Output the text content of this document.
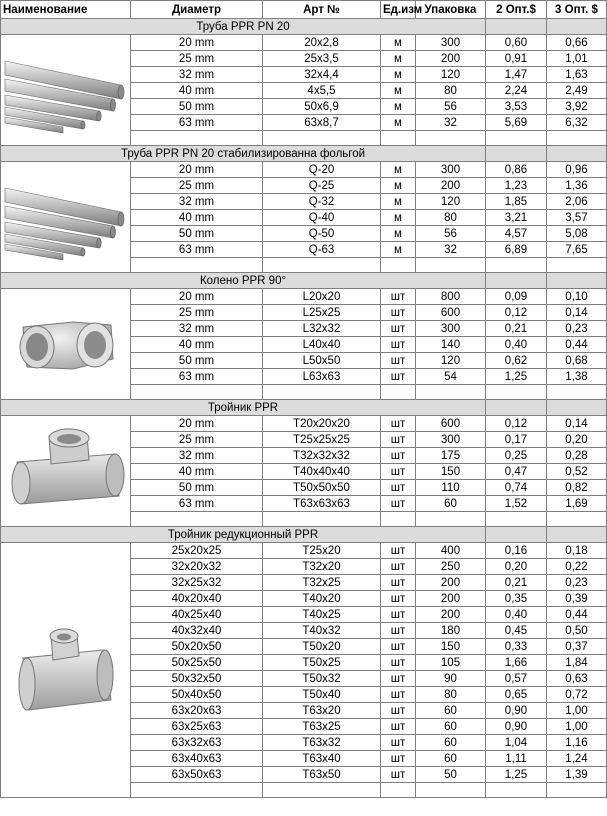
Наименование	Диаметр	Арт №	Ед.изм	Упаковка	2 Опт.$	3 Опт. $
Труба PPR PN 20						
	20 mm	20х2,8	м	300	0,60	0,66
	25 mm	25х3,5	м	200	0,91	1,01
	32 mm	32х4,4	м	120	1,47	1,63
	40 mm	4х5,5	м	80	2,24	2,49
	50 mm	50х6,9	м	56	3,53	3,92
	63 mm	63х8,7	м	32	5,69	6,32

Труба PPR PN 20 стабилизированна фольгой						
	20 mm	Q-20	м	300	0,86	0,96
	25 mm	Q-25	м	200	1,23	1,36
	32 mm	Q-32	м	120	1,85	2,06
	40 mm	Q-40	м	80	3,21	3,57
	50 mm	Q-50	м	56	4,57	5,08
	63 mm	Q-63	м	32	6,89	7,65

Колено PPR 90°						
	20 mm	L20x20	шт	800	0,09	0,10
	25 mm	L25x25	шт	600	0,12	0,14
	32 mm	L32x32	шт	300	0,21	0,23
	40 mm	L40x40	шт	140	0,40	0,44
	50 mm	L50x50	шт	120	0,62	0,68
	63 mm	L63x63	шт	54	1,25	1,38

Тройник PPR						
	20 mm	T20x20x20	шт	600	0,12	0,14
	25 mm	T25x25x25	шт	300	0,17	0,20
	32 mm	T32x32x32	шт	175	0,25	0,28
	40 mm	T40x40x40	шт	150	0,47	0,52
	50 mm	T50x50x50	шт	110	0,74	0,82
	63 mm	T63x63x63	шт	60	1,52	1,69

Тройник редукционный PPR						
	25x20x25	T25x20	шт	400	0,16	0,18
	32x20x32	T32x20	шт	250	0,20	0,22
	32x25x32	T32x25	шт	200	0,21	0,23
	40x20x40	T40x20	шт	200	0,35	0,39
	40x25x40	T40x25	шт	200	0,40	0,44
	40x32x40	T40x32	шт	180	0,45	0,50
	50x20x50	T50x20	шт	150	0,33	0,37
	50x25x50	T50x25	шт	105	1,66	1,84
	50x32x50	T50x32	шт	90	0,57	0,63
	50x40x50	T50x40	шт	80	0,65	0,72
	63x20x63	T63x20	шт	60	0,90	1,00
	63x25x63	T63x25	шт	60	0,90	1,00
	63x32x63	T63x32	шт	60	1,04	1,16
	63x40x63	T63x40	шт	60	1,11	1,24
	63x50x63	T63x50	шт	50	1,25	1,39
